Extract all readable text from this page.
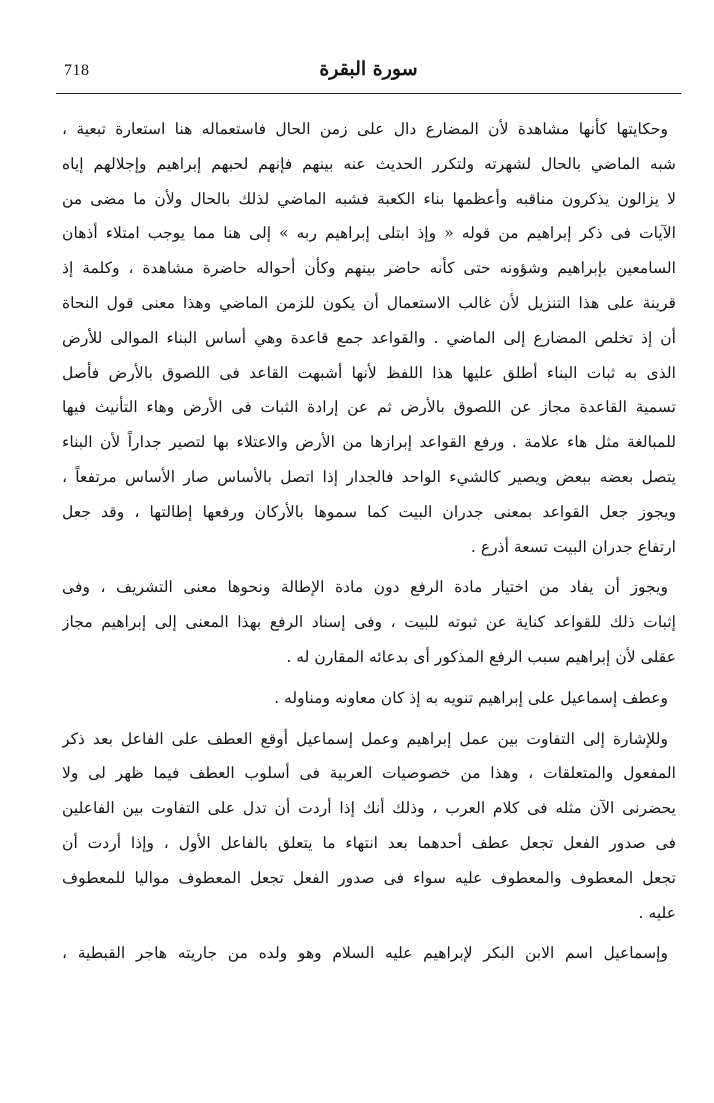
718	سورة البقرة
وحكايتها كأنها مشاهدة لأن المضارع دال على زمن الحال فاستعماله هنا استعارة تبعية ،
شبه الماضي بالحال لشهرته ولتكرر الحديث عنه بينهم فإنهم لحبهم إبراهيم وإجلالهم إياه
لا يزالون يذكرون مناقبه وأعظمها بناء الكعبة فشبه الماضي لذلك بالحال ولأن ما مضى من
الآيات فى ذكر إبراهيم من قوله « وإذ ابتلى إبراهيم ربه » إلى هنا مما يوجب امتلاء أذهان
السامعين بإبراهيم وشؤونه حتى كأنه حاضر بينهم وكأن أحواله حاضرة مشاهدة ، وكلمة إذ
قرينة على هذا التنزيل لأن غالب الاستعمال أن يكون للزمن الماضي وهذا معنى قول النحاة
أن إذ تخلص المضارع إلى الماضي . والقواعد جمع قاعدة وهي أساس البناء الموالى للأرض
الذى به ثبات البناء أطلق عليها هذا اللفظ لأنها أشبهت القاعد فى اللصوق بالأرض فأصل
تسمية القاعدة مجاز عن اللصوق بالأرض ثم عن إرادة الثبات فى الأرض وهاء التأنيث فيها
للمبالغة مثل هاء علامة . ورفع القواعد إبرازها من الأرض والاعتلاء بها لتصير جداراً لأن البناء
يتصل بعضه ببعض ويصير كالشيء الواحد فالجدار إذا اتصل بالأساس صار الأساس مرتفعاً ،
ويجوز جعل القواعد بمعنى جدران البيت كما سموها بالأركان ورفعها إطالتها ، وقد جعل
ارتفاع جدران البيت تسعة أذرع .
ويجوز أن يفاد من اختيار مادة الرفع دون مادة الإطالة ونحوها معنى التشريف ، وفى
إثبات ذلك للقواعد كناية عن ثبوته للبيت ، وفى إسناد الرفع بهذا المعنى إلى إبراهيم مجاز
عقلى لأن إبراهيم سبب الرفع المذكور أى بدعائه المقارن له .
وعطف إسماعيل على إبراهيم تنويه به إذ كان معاونه ومناوله .
وللإشارة إلى التفاوت بين عمل إبراهيم وعمل إسماعيل أوقع العطف على الفاعل بعد ذكر
المفعول والمتعلقات ، وهذا من خصوصيات العربية فى أسلوب العطف فيما ظهر لى ولا
يحضرنى الآن مثله فى كلام العرب ، وذلك أنك إذا أردت أن تدل على التفاوت بين الفاعلين
فى صدور الفعل تجعل عطف أحدهما بعد انتهاء ما يتعلق بالفاعل الأول ، وإذا أردت أن
تجعل المعطوف والمعطوف عليه سواء فى صدور الفعل تجعل المعطوف مواليا للمعطوف
عليه .
وإسماعيل اسم الابن البكر لإبراهيم عليه السلام وهو ولده من جاريته هاجر القبطية ،
